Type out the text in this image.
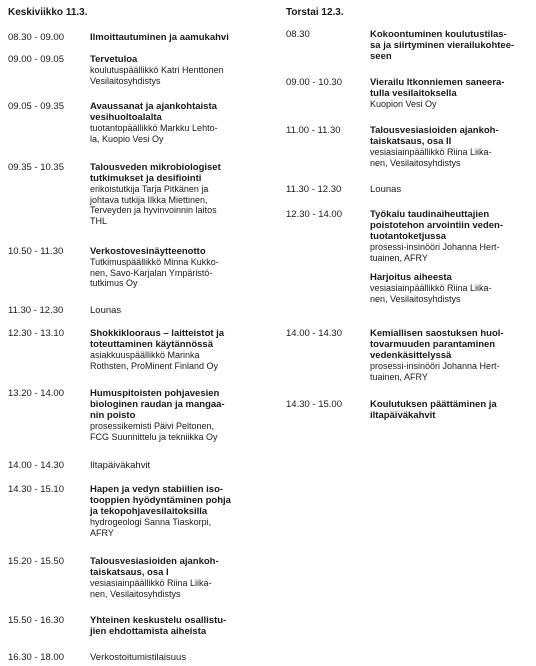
Keskiviikko 11.3.	Torstai 12.3.
08.30 - 09.00	Ilmoittautuminen ja aamukahvi
09.00 - 09.05	Tervetuloa
koulutuspäällikkö Katri Henttonen
Vesilaitosyhdistys
09.05 - 09.35	Avaussanat ja ajankohtaista
vesihuoltoalalta
tuotantopäällikkö Markku Lehto-
la, Kuopio Vesi Oy
09.35 - 10.35	Talousveden mikrobiologiset
tutkimukset ja desifiointi
erikoistutkija Tarja Pitkänen ja
johtava tutkija Ilkka Miettinen,
Terveyden ja hyvinvoinnin laitos
THL
10.50 - 11.30	Verkostovesinäytteenotto
Tutkimuspäällikkö Minna Kukko-
nen, Savo-Karjalan Ympäristö-
tutkimus Oy
11.30 - 12.30	Lounas
12.30 - 13.10	Shokkiklooraus – laitteistot ja
toteuttaminen käytännössä
asiakkuuspäällikkö Marinka
Rothsten, ProMinent Finland Oy
13.20 - 14.00	Humuspitoisten pohjavesien
biologinen raudan ja mangaa-
nin poisto
prosessikemisti Päivi Peltonen,
FCG Suunnittelu ja tekniikka Oy
14.00 - 14.30	Iltapäiväkahvit
14.30 - 15.10	Hapen ja vedyn stabiilien iso-
tooppien hyödyntäminen pohja
ja tekopohjavesilaitoksilla
hydrogeologi Sanna Tiaskorpi,
AFRY
15.20 - 15.50	Talousvesiasioiden ajankoh-
taiskatsaus, osa I
vesiasiainpäällikkö Riina Liika-
nen, Vesilaitosyhdistys
15.50 - 16.30	Yhteinen keskustelu osallistu-
jien ehdottamista aiheista
16.30 - 18.00	Verkostoitumistilaisuus
08.30	Kokoontuminen koulutustilas-
sa ja siirtyminen vierailukohtee-
seen
09.00 - 10.30	Vierailu Itkonniemen saneera-
tulla vesilaitoksella
Kuopion Vesi Oy
11.00 - 11.30	Talousvesiasioiden ajankoh-
taiskatsaus, osa II
vesiasiainpäällikkö Riina Liika-
nen, Vesilaitosyhdistys
11.30 - 12.30	Lounas
12.30 - 14.00	Työkalu taudinaiheuttajien
poistotehon arvointiin veden-
tuotantoketjussa
prosessi-insinööri Johanna Hert-
tuainen, AFRY
Harjoitus aiheesta
vesiasiainpäällikkö Riina Liika-
nen, Vesilaitosyhdistys
14.00 - 14.30	Kemiallisen saostuksen huol-
tovarmuuden parantaminen
vedenkäsittelyssä
prosessi-insinööri Johanna Hert-
tuainen, AFRY
14.30 - 15.00	Koulutuksen päättäminen ja
iltapäiväkahvit
